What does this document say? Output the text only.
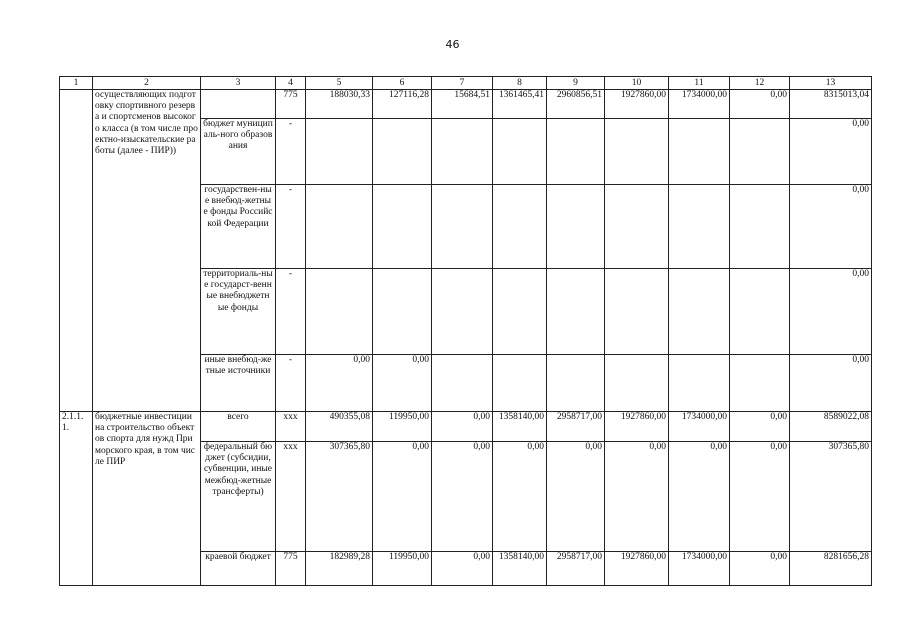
46
1	2	3	4	5	6	7	8	9	10	11	12	13
	осуществляющих подготовку спортивного резерва и спортсменов высокого класса (в том числе проектно-изыскательские работы (далее - ПИР))		775	188030,33	127116,28	15684,51	1361465,41	2960856,51	1927860,00	1734000,00	0,00	8315013,04
		бюджет муниципаль-ного образования	-									0,00
		государствен-ные внебюд-жетные фонды Российской Федерации	-									0,00
		территориаль-ные государст-венные внебюджетн ые фонды	-									0,00
		иные внебюд-жетные источники	-	0,00	0,00							0,00
2.1.1.1.	бюджетные инвестиции на строительство объектов спорта для нужд Приморского края, в том числе ПИР	всего	xxx	490355,08	119950,00	0,00	1358140,00	2958717,00	1927860,00	1734000,00	0,00	8589022,08
		федеральный бюджет (субсидии, субвенции, иные межбюд-жетные трансферты)	xxx	307365,80	0,00	0,00	0,00	0,00	0,00	0,00	0,00	307365,80
		краевой бюджет	775	182989,28	119950,00	0,00	1358140,00	2958717,00	1927860,00	1734000,00	0,00	8281656,28
